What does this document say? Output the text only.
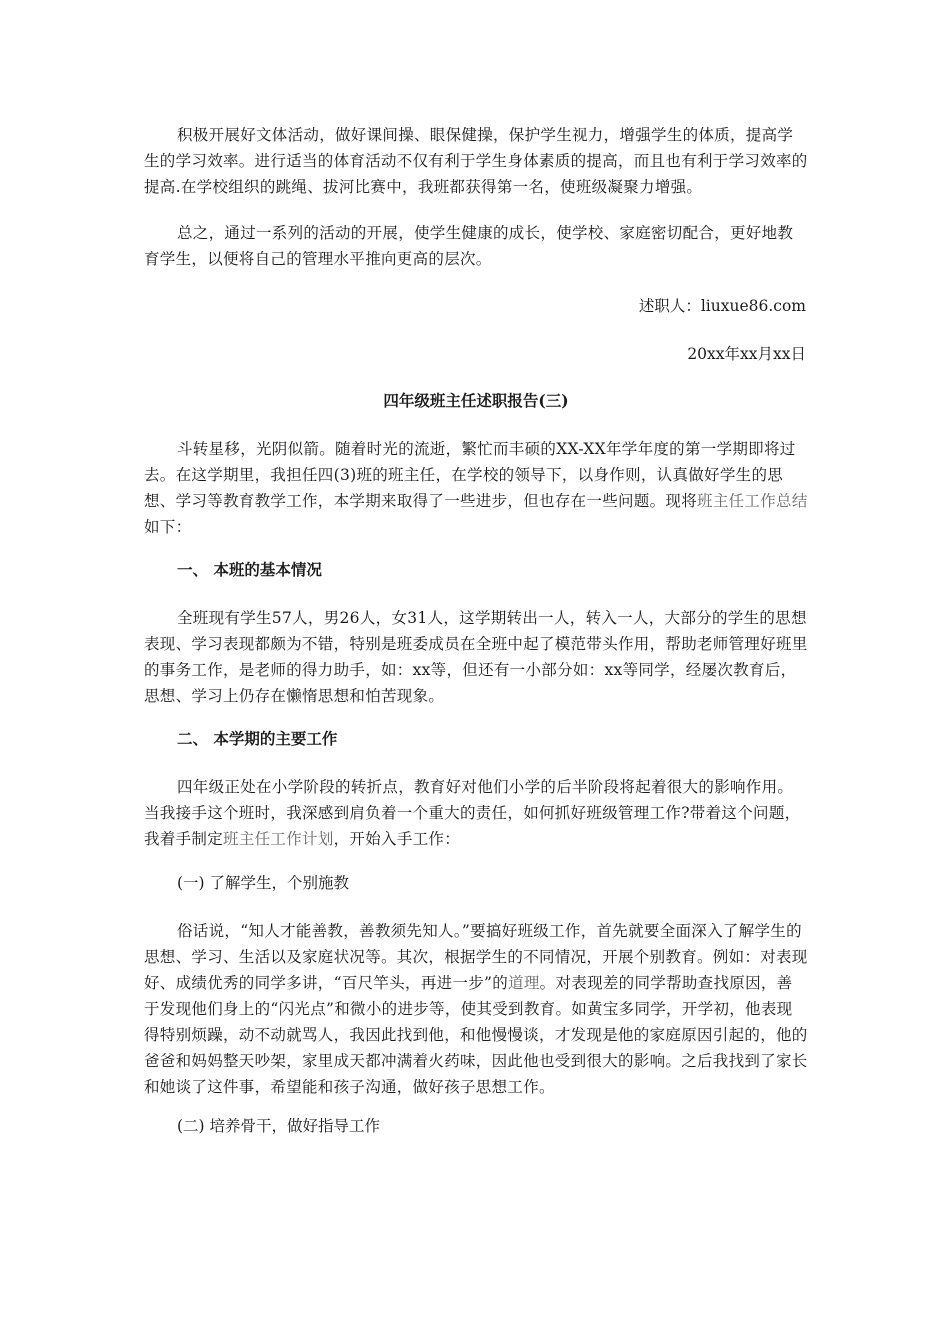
积极开展好文体活动，做好课间操、眼保健操，保护学生视力，增强学生的体质，提高学生的学习效率。进行适当的体育活动不仅有利于学生身体素质的提高，而且也有利于学习效率的提高.在学校组织的跳绳、拔河比赛中，我班都获得第一名，使班级凝聚力增强。

总之，通过一系列的活动的开展，使学生健康的成长，使学校、家庭密切配合，更好地教育学生，以便将自己的管理水平推向更高的层次。

述职人：liuxue86.com
20xx年xx月xx日
四年级班主任述职报告(三)

斗转星移，光阴似箭。随着时光的流逝，繁忙而丰硕的XX-XX年学年度的第一学期即将过去。在这学期里，我担任四(3)班的班主任，在学校的领导下，以身作则，认真做好学生的思想、学习等教育教学工作，本学期来取得了一些进步，但也存在一些问题。现将班主任工作总结如下：

一、 本班的基本情况

全班现有学生57人，男26人，女31人，这学期转出一人，转入一人，大部分的学生的思想表现、学习表现都颇为不错，特别是班委成员在全班中起了模范带头作用，帮助老师管理好班里的事务工作，是老师的得力助手，如：xx等，但还有一小部分如：xx等同学，经屡次教育后，思想、学习上仍存在懒惰思想和怕苦现象。

二、 本学期的主要工作

四年级正处在小学阶段的转折点，教育好对他们小学的后半阶段将起着很大的影响作用。当我接手这个班时，我深感到肩负着一个重大的责任，如何抓好班级管理工作?带着这个问题，我着手制定班主任工作计划，开始入手工作：

(一) 了解学生，个别施教

俗话说，“知人才能善教，善教须先知人。”要搞好班级工作，首先就要全面深入了解学生的思想、学习、生活以及家庭状况等。其次，根据学生的不同情况，开展个别教育。例如：对表现好、成绩优秀的同学多讲，“百尺竿头，再进一步”的道理。对表现差的同学帮助查找原因，善于发现他们身上的“闪光点”和微小的进步等，使其受到教育。如黄宝多同学，开学初，他表现得特别烦躁，动不动就骂人，我因此找到他，和他慢慢谈，才发现是他的家庭原因引起的，他的爸爸和妈妈整天吵架，家里成天都冲满着火药味，因此他也受到很大的影响。之后我找到了家长和她谈了这件事，希望能和孩子沟通，做好孩子思想工作。

(二) 培养骨干，做好指导工作
